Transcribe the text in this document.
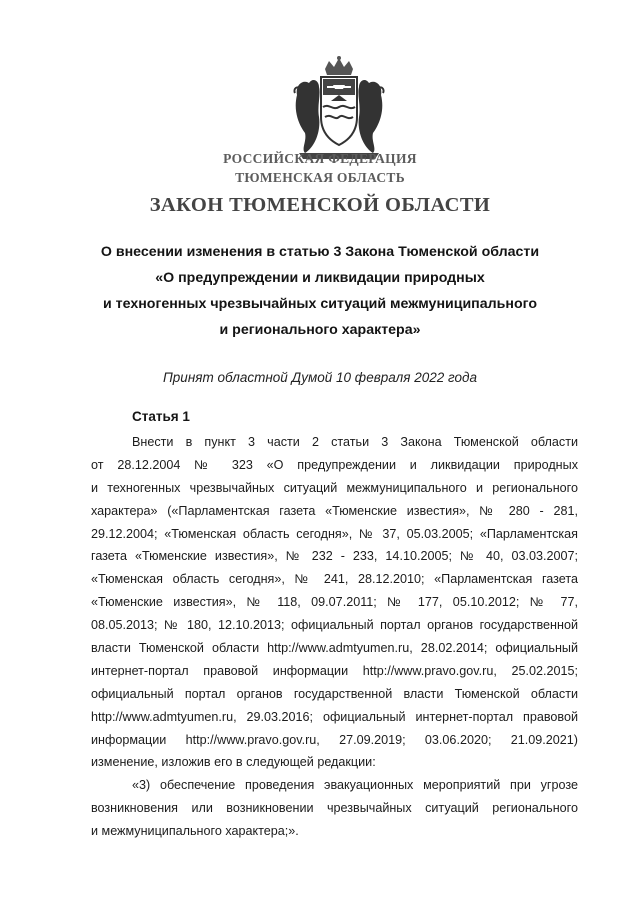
РОССИЙСКАЯ ФЕДЕРАЦИЯ
ТЮМЕНСКАЯ ОБЛАСТЬ
ЗАКОН ТЮМЕНСКОЙ ОБЛАСТИ
О внесении изменения в статью 3 Закона Тюменской области
«О предупреждении и ликвидации природных
и техногенных чрезвычайных ситуаций межмуниципального
и регионального характера»
Принят областной Думой 10 февраля 2022 года
Статья 1
Внести в пункт 3 части 2 статьи 3 Закона Тюменской области
от 28.12.2004 № 323 «О предупреждении и ликвидации природных
и техногенных чрезвычайных ситуаций межмуниципального и регионального
характера» («Парламентская газета «Тюменские известия», № 280 - 281,
29.12.2004; «Тюменская область сегодня», № 37, 05.03.2005; «Парламентская
газета «Тюменские известия», № 232 - 233, 14.10.2005; № 40, 03.03.2007;
«Тюменская область сегодня», № 241, 28.12.2010; «Парламентская газета
«Тюменские известия», № 118, 09.07.2011; № 177, 05.10.2012; № 77,
08.05.2013; № 180, 12.10.2013; официальный портал органов государственной
власти Тюменской области http://www.admtyumen.ru, 28.02.2014; официальный
интернет-портал правовой информации http://www.pravo.gov.ru, 25.02.2015;
официальный портал органов государственной власти Тюменской области
http://www.admtyumen.ru, 29.03.2016; официальный интернет-портал правовой
информации http://www.pravo.gov.ru, 27.09.2019; 03.06.2020; 21.09.2021)
изменение, изложив его в следующей редакции:
«3) обеспечение проведения эвакуационных мероприятий при угрозе
возникновения или возникновении чрезвычайных ситуаций регионального
и межмуниципального характера;».
